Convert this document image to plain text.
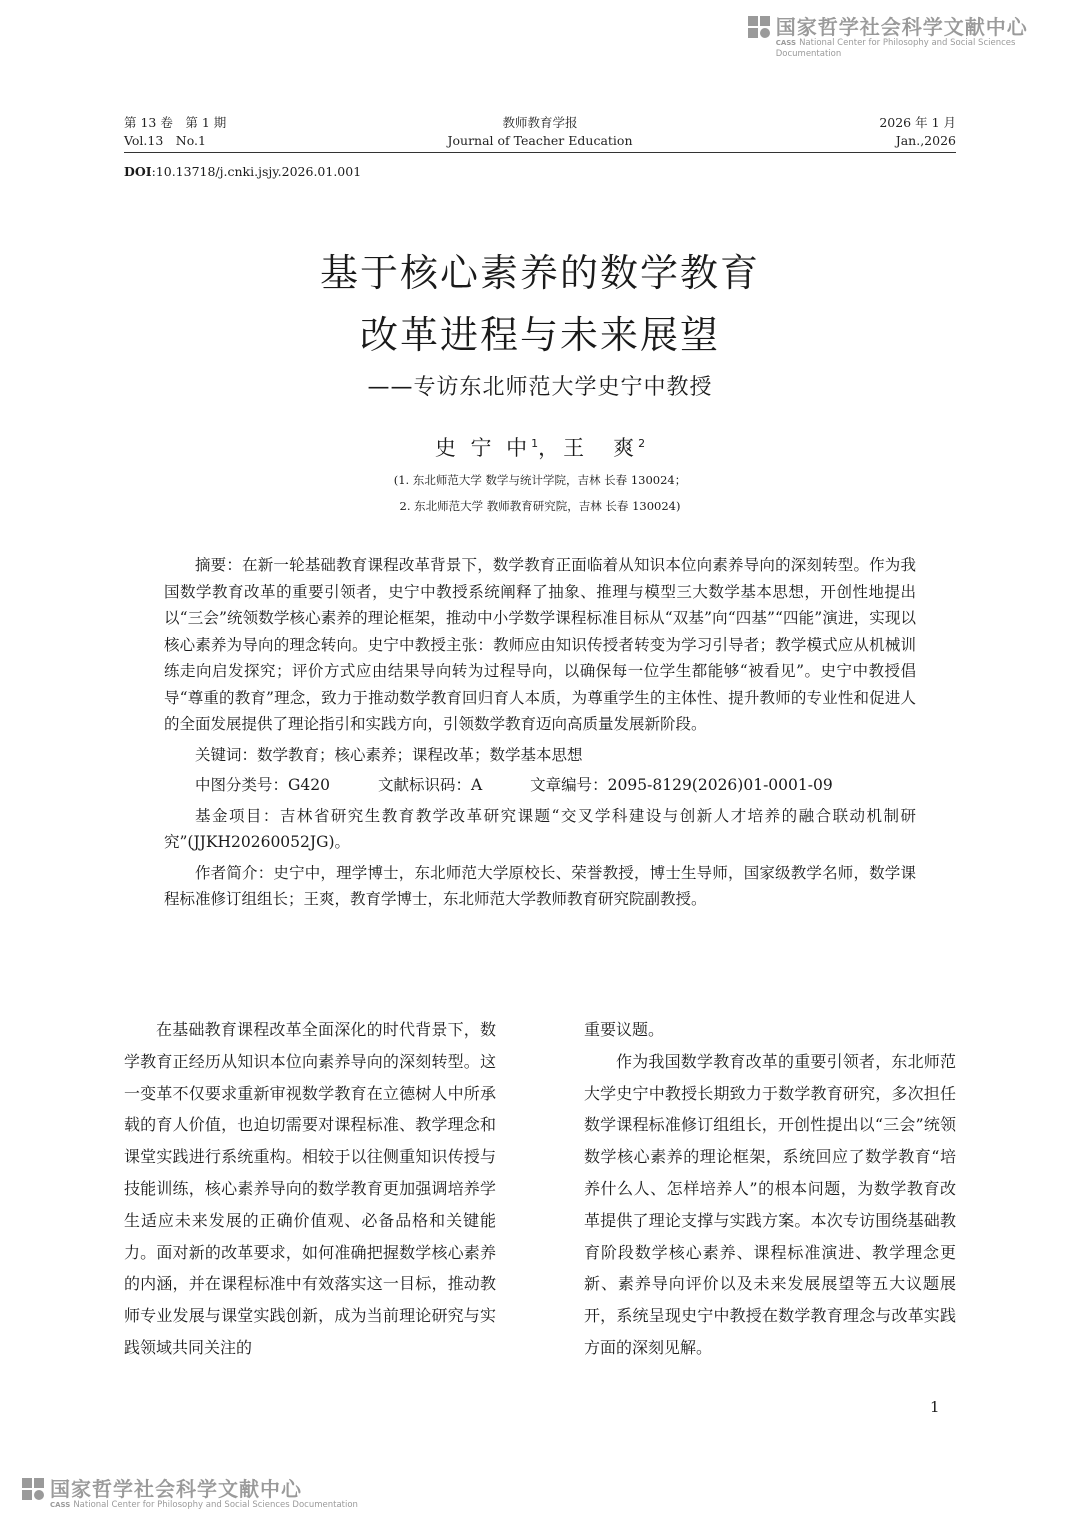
国家哲学社会科学文献中心
CASS National Center for Philosophy and Social Sciences Documentation
第 13 卷　第 1 期
Vol.13　No.1
教师教育学报
Journal of Teacher Education
2026 年 1 月
Jan.,2026
DOI:10.13718/j.cnki.jsjy.2026.01.001
基于核心素养的数学教育
改革进程与未来展望
——专访东北师范大学史宁中教授
史 宁 中$^1$，王　爽$^2$
(1. 东北师范大学 数学与统计学院，吉林 长春 130024；
2. 东北师范大学 教师教育研究院，吉林 长春 130024)

摘要：在新一轮基础教育课程改革背景下，数学教育正面临着从知识本位向素养导向的深刻转型。作为我国数学教育改革的重要引领者，史宁中教授系统阐释了抽象、推理与模型三大数学基本思想，开创性地提出以“三会”统领数学核心素养的理论框架，推动中小学数学课程标准目标从“双基”向“四基”“四能”演进，实现以核心素养为导向的理念转向。史宁中教授主张：教师应由知识传授者转变为学习引导者；教学模式应从机械训练走向启发探究；评价方式应由结果导向转为过程导向，以确保每一位学生都能够“被看见”。史宁中教授倡导“尊重的教育”理念，致力于推动数学教育回归育人本质，为尊重学生的主体性、提升教师的专业性和促进人的全面发展提供了理论指引和实践方向，引领数学教育迈向高质量发展新阶段。

关键词：数学教育；核心素养；课程改革；数学基本思想

中图分类号：G420	文献标识码：A	文章编号：2095-8129(2026)01-0001-09

基金项目：吉林省研究生教育教学改革研究课题“交叉学科建设与创新人才培养的融合联动机制研究”(JJKH20260052JG)。

作者简介：史宁中，理学博士，东北师范大学原校长、荣誉教授，博士生导师，国家级教学名师，数学课程标准修订组组长；王爽，教育学博士，东北师范大学教师教育研究院副教授。

在基础教育课程改革全面深化的时代背景下，数学教育正经历从知识本位向素养导向的深刻转型。这一变革不仅要求重新审视数学教育在立德树人中所承载的育人价值，也迫切需要对课程标准、教学理念和课堂实践进行系统重构。相较于以往侧重知识传授与技能训练，核心素养导向的数学教育更加强调培养学生适应未来发展的正确价值观、必备品格和关键能力。面对新的改革要求，如何准确把握数学核心素养的内涵，并在课程标准中有效落实这一目标，推动教师专业发展与课堂实践创新，成为当前理论研究与实践领域共同关注的

重要议题。

作为我国数学教育改革的重要引领者，东北师范大学史宁中教授长期致力于数学教育研究，多次担任数学课程标准修订组组长，开创性提出以“三会”统领数学核心素养的理论框架，系统回应了数学教育“培养什么人、怎样培养人”的根本问题，为数学教育改革提供了理论支撑与实践方案。本次专访围绕基础教育阶段数学核心素养、课程标准演进、教学理念更新、素养导向评价以及未来发展展望等五大议题展开，系统呈现史宁中教授在数学教育理念与改革实践方面的深刻见解。

1
国家哲学社会科学文献中心
CASS National Center for Philosophy and Social Sciences Documentation
